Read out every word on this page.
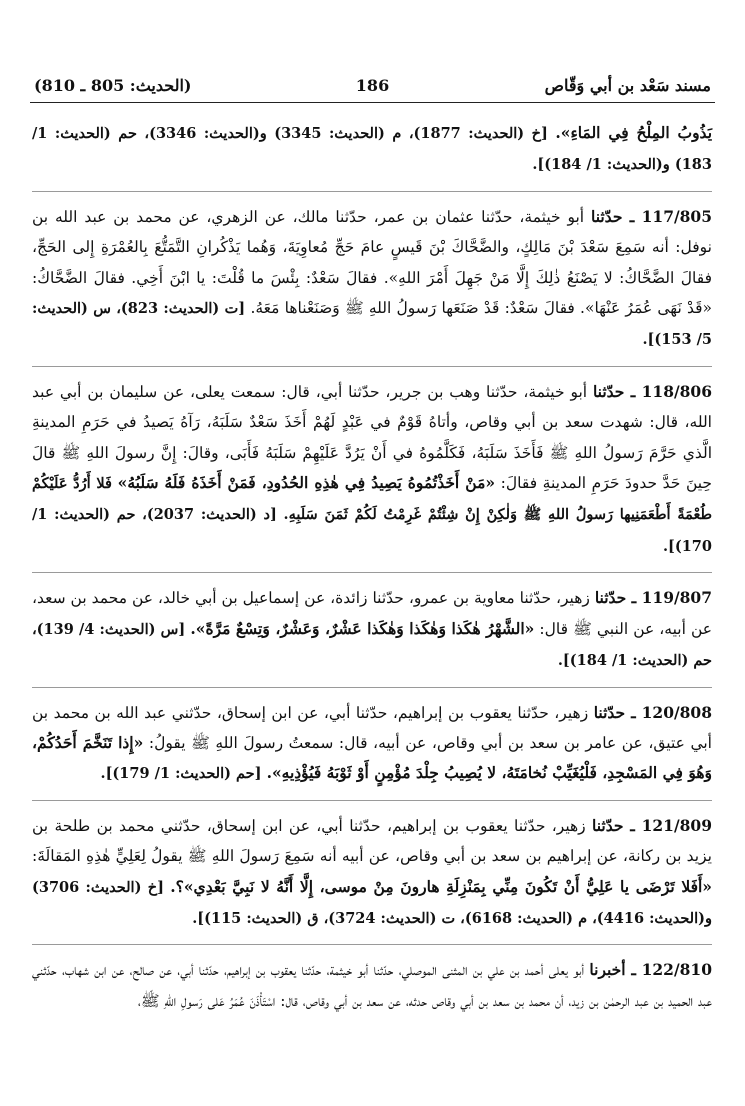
مسند سَعْد بن أبي وَقّاص
186
(الحديث: 805 ـ 810)

يَذُوبُ المِلْحُ فِي المَاءِ». [خ (الحديث: 1877)، م (الحديث: 3345) و(الحديث: 3346)، حم (الحديث: 1/ 183) و(الحديث: 1/ 184)].

117/805 ـ حدّثنا أبو خيثمة، حدّثنا عثمان بن عمر، حدّثنا مالك، عن الزهري، عن محمد بن عبد الله بن نوفل: أنه سَمِعَ سَعْدَ بْنَ مَالِكٍ، والضَّحَّاكَ بْنَ قَيسٍ عامَ حَجِّ مُعاوِيَةَ، وَهُما يَذْكُرانِ التَّمَتُّعَ بِالعُمْرَةِ إِلى الحَجِّ، فقالَ الضَّحَّاكُ: لا يَصْنَعُ ذٰلِكَ إِلَّا مَنْ جَهِلَ أَمْرَ اللهِ». فقالَ سَعْدٌ: بِئْسَ ما قُلْتَ: يا ابْنَ أَخِي. فقالَ الضَّحَّاكُ: «قَدْ نَهَى عُمَرُ عَنْهَا». فقالَ سَعْدٌ: قَدْ صَنَعَها رَسولُ اللهِ ﷺ وَصَنَعْناها مَعَهُ. [ت (الحديث: 823)، س (الحديث: 5/ 153)].

118/806 ـ حدّثنا أبو خيثمة، حدّثنا وهب بن جرير، حدّثنا أبي، قال: سمعت يعلى، عن سليمان بن أبي عبد الله، قال: شهدت سعد بن أبي وقاص، وأتاهُ قَوْمٌ في عَبْدٍ لَهُمْ أَخَذَ سَعْدٌ سَلَبَهُ، رَآهُ يَصيدُ في حَرَمِ المدينةِ الَّذي حَرَّمَ رَسولُ اللهِ ﷺ فَأَخَذَ سَلَبَهُ، فَكَلَّمُوهُ في أَنْ يَرُدَّ عَلَيْهِمْ سَلَبَهُ فَأَبَى، وقالَ: إِنَّ رسولَ اللهِ ﷺ قالَ حِينَ حَدَّ حدودَ حَرَمِ المدينةِ فقالَ: «مَنْ أَخَذْتُمُوهُ يَصِيدُ فِي هٰذِهِ الحُدُودِ، فَمَنْ أَخَذَهُ فَلَهُ سَلَبُهُ» فَلا أَرُدُّ عَلَيْكُمْ طُعْمَةً أَطْعَمَنِيها رَسولُ اللهِ ﷺ وَلٰكِنْ إِنْ شِئْتُمْ غَرِمْتُ لَكُمْ ثَمَنَ سَلَبِهِ. [د (الحديث: 2037)، حم (الحديث: 1/ 170)].

119/807 ـ حدّثنا زهير، حدّثنا معاوية بن عمرو، حدّثنا زائدة، عن إسماعيل بن أبي خالد، عن محمد بن سعد، عن أبيه، عن النبي ﷺ قال: «الشَّهْرُ هٰكَذا وَهٰكَذا وَهٰكَذا عَشْرٌ، وَعَشْرٌ، وَتِسْعٌ مَرَّةً». [س (الحديث: 4/ 139)، حم (الحديث: 1/ 184)].

120/808 ـ حدّثنا زهير، حدّثنا يعقوب بن إبراهيم، حدّثنا أبي، عن ابن إسحاق، حدّثني عبد الله بن محمد بن أبي عتيق، عن عامر بن سعد بن أبي وقاص، عن أبيه، قال: سمعتُ رسولَ اللهِ ﷺ يقولُ: «إِذا تَنَخَّمَ أَحَدُكُمْ، وَهُوَ فِي المَسْجِدِ، فَلْيُغَيِّبْ نُخامَتَهُ، لا يُصِيبُ جِلْدَ مُؤْمِنٍ أَوْ ثَوْبَهُ فَيُؤْذِيهِ». [حم (الحديث: 1/ 179)].

121/809 ـ حدّثنا زهير، حدّثنا يعقوب بن إبراهيم، حدّثنا أبي، عن ابن إسحاق، حدّثني محمد بن طلحة بن يزيد بن ركانة، عن إبراهيم بن سعد بن أبي وقاص، عن أبيه أنه سَمِعَ رَسولَ اللهِ ﷺ يقولُ لِعَلِيٍّ هٰذِهِ المَقالَةَ: «أَفَلا تَرْضَى يا عَلِيُّ أَنْ تَكُونَ مِنِّي بِمَنْزِلَةِ هارونَ مِنْ موسى، إِلَّا أَنَّهُ لا نَبِيَّ بَعْدِي»؟. [خ (الحديث: 3706) و(الحديث: 4416)، م (الحديث: 6168)، ت (الحديث: 3724)، ق (الحديث: 115)].

122/810 ـ أخبرنا أبو يعلى أحمد بن علي بن المثنى الموصلي، حدّثنا أبو خيثمة، حدّثنا يعقوب بن إبراهيم، حدّثنا أبي، عن صالح، عن ابن شهاب، حدّثني عبد الحميد بن عبد الرحمٰن بن زيد، أن محمد بن سعد بن أبي وقاص حدثه، عن سعد بن أبي وقاص، قال: اسْتَأْذَنَ عُمَرُ عَلى رَسولِ اللهِ ﷺ،
